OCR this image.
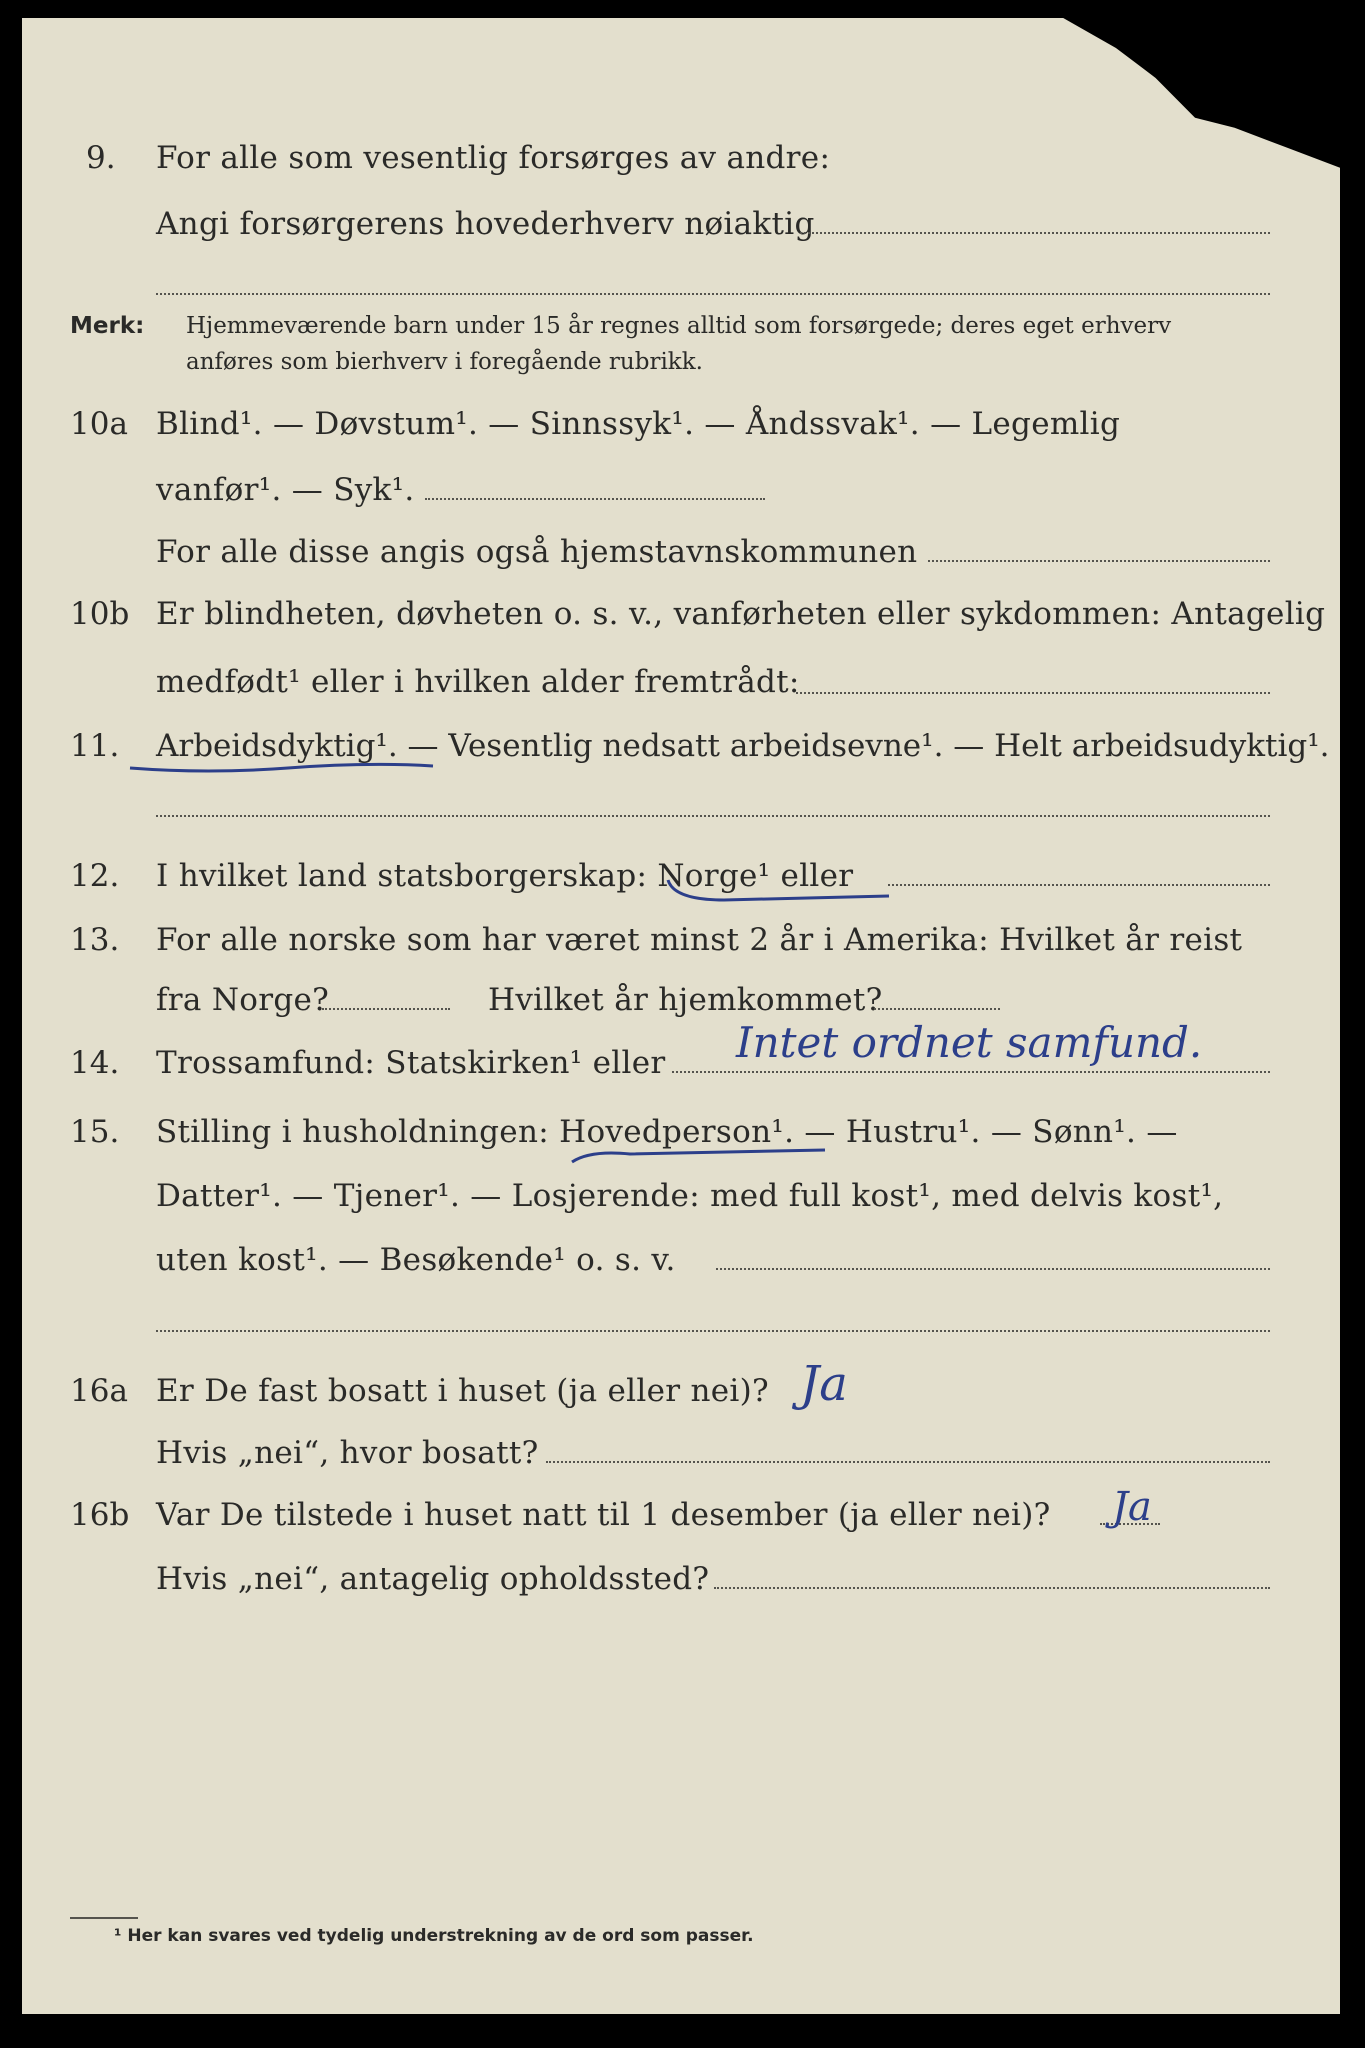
9. For alle som vesentlig forsørges av andre:
Angi forsørgerens hovederhverv nøiaktig
Merk: Hjemmeværende barn under 15 år regnes alltid som forsørgede; deres eget erhverv
anføres som bierhverv i foregående rubrikk.
10a Blind¹. — Døvstum¹. — Sinnssyk¹. — Åndssvak¹. — Legemlig
vanfør¹. — Syk¹.
For alle disse angis også hjemstavnskommunen
10b Er blindheten, døvheten o. s. v., vanførheten eller sykdommen: Antagelig
medfødt¹ eller i hvilken alder fremtrådt:
11. Arbeidsdyktig¹. — Vesentlig nedsatt arbeidsevne¹. — Helt arbeidsudyktig¹.
12. I hvilket land statsborgerskap: Norge¹ eller
13. For alle norske som har været minst 2 år i Amerika: Hvilket år reist
fra Norge?	Hvilket år hjemkommet?
14. Trossamfund: Statskirken¹ eller Intet ordnet samfund.
15. Stilling i husholdningen: Hovedperson¹. — Hustru¹. — Sønn¹. —
Datter¹. — Tjener¹. — Losjerende: med full kost¹, med delvis kost¹,
uten kost¹. — Besøkende¹ o. s. v.
16a Er De fast bosatt i huset (ja eller nei)? Ja
Hvis „nei“, hvor bosatt?
16b Var De tilstede i huset natt til 1 desember (ja eller nei)? Ja
Hvis „nei“, antagelig opholdssted?
¹ Her kan svares ved tydelig understrekning av de ord som passer.
